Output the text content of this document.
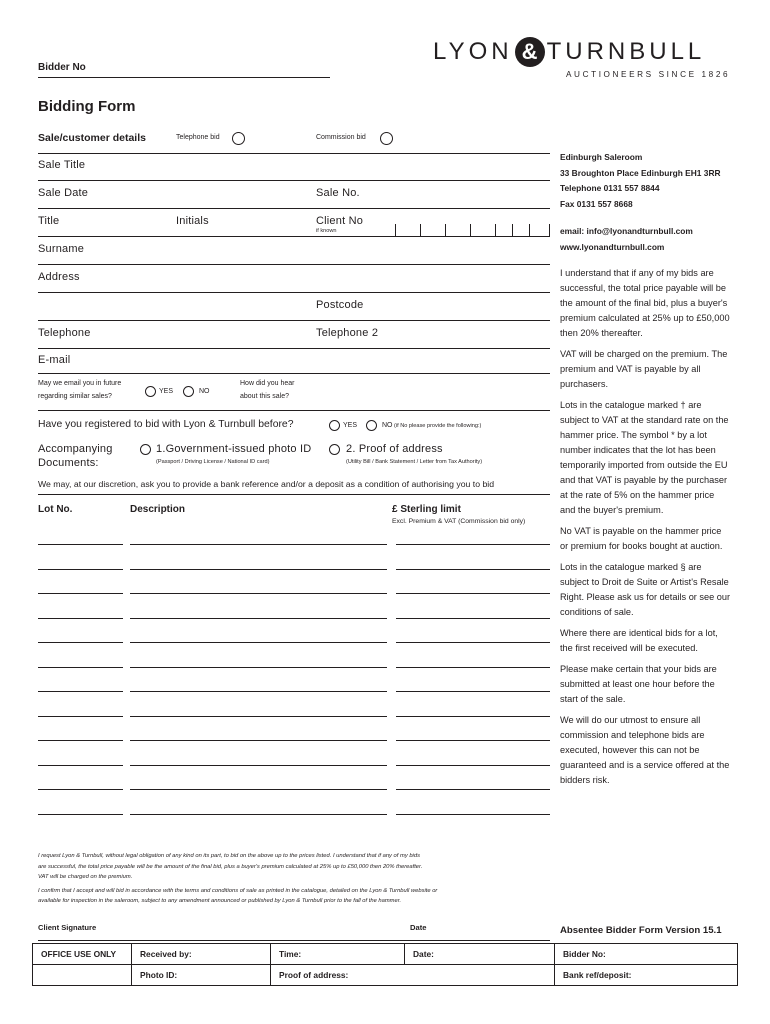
Bidder No
LYON & TURNBULL
AUCTIONEERS SINCE 1826
Bidding Form
Sale/customer details	Telephone bid	Commission bid
Sale Title
Sale Date	Sale No.
Title	Initials	Client No
if known
Surname
Address
Postcode
Telephone	Telephone 2
E-mail
May we email you in future
regarding similar sales?
YES	NO
How did you hear
about this sale?
Have you registered to bid with Lyon & Turnbull before?	YES	NO (if No please provide the following:)
Accompanying
Documents:
1.Government-issued photo ID
(Passport / Driving License / National ID card)
2. Proof of address
(Utility Bill / Bank Statement / Letter from Tax Authority)
We may, at our discretion, ask you to provide a bank reference and/or a deposit as a condition of authorising you to bid
Lot No.	Description	£ Sterling limit
Excl. Premium & VAT (Commission bid only)
I request Lyon & Turnbull, without legal obligation of any kind on its part, to bid on the above up to the prices listed. I understand that if any of my bids
are successful, the total price payable will be the amount of the final bid, plus a buyer's premium calculated at 25% up to £50,000 then 20% thereafter.
VAT will be charged on the premium.
I confirm that I accept and will bid in accordance with the terms and conditions of sale as printed in the catalogue, detailed on the Lyon & Turnbull website or
available for inspection in the saleroom, subject to any amendment announced or published by Lyon & Turnbull prior to the fall of the hammer.
Client Signature	Date	Absentee Bidder Form Version 15.1
OFFICE USE ONLY	Received by:	Time:	Date:	Bidder No:
	Photo ID:	Proof of address:		Bank ref/deposit:
Edinburgh Saleroom
33 Broughton Place Edinburgh EH1 3RR
Telephone 0131 557 8844
Fax 0131 557 8668
email: info@lyonandturnbull.com
www.lyonandturnbull.com

I understand that if any of my bids are successful, the total price payable will be the amount of the final bid, plus a buyer's premium calculated at 25% up to £50,000 then 20% thereafter.

VAT will be charged on the premium. The premium and VAT is payable by all purchasers.

Lots in the catalogue marked † are subject to VAT at the standard rate on the hammer price. The symbol * by a lot number indicates that the lot has been temporarily imported from outside the EU and that VAT is payable by the purchaser at the rate of 5% on the hammer price and the buyer's premium.

No VAT is payable on the hammer price or premium for books bought at auction.

Lots in the catalogue marked § are subject to Droit de Suite or Artist's Resale Right. Please ask us for details or see our conditions of sale.

Where there are identical bids for a lot, the first received will be executed.

Please make certain that your bids are submitted at least one hour before the start of the sale.

We will do our utmost to ensure all commission and telephone bids are executed, however this can not be guaranteed and is a service offered at the bidders risk.
